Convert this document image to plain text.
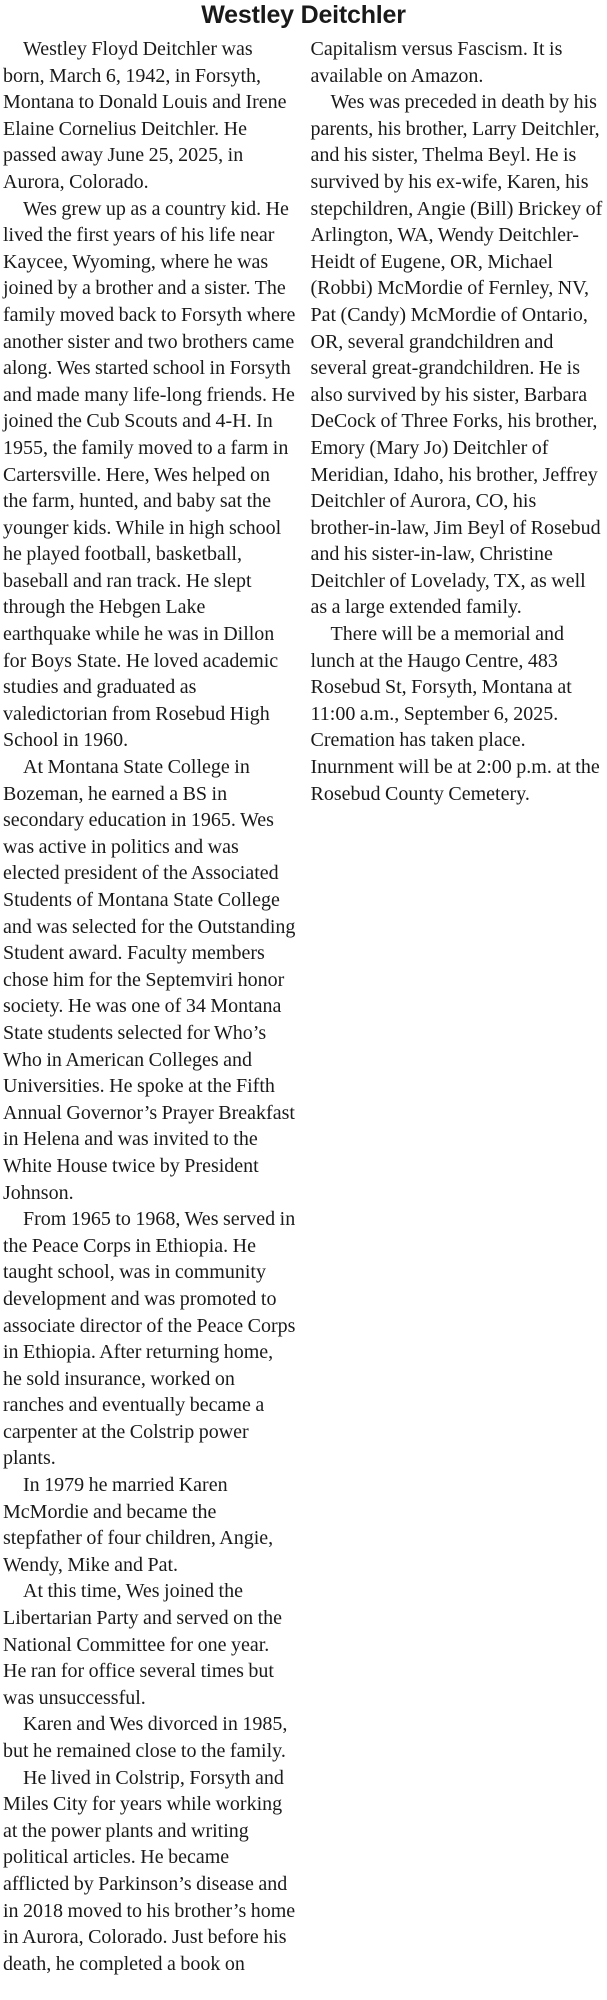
Westley Deitchler

Westley Floyd Deitchler was born, March 6, 1942, in Forsyth, Montana to Donald Louis and Irene Elaine Cornelius Deitchler. He passed away June 25, 2025, in Aurora, Colorado.

Wes grew up as a country kid. He lived the first years of his life near Kaycee, Wyoming, where he was joined by a brother and a sister. The family moved back to Forsyth where another sister and two brothers came along. Wes started school in Forsyth and made many life-long friends. He joined the Cub Scouts and 4-H. In 1955, the family moved to a farm in Cartersville. Here, Wes helped on the farm, hunted, and baby sat the younger kids. While in high school he played football, basketball, baseball and ran track. He slept through the Hebgen Lake earthquake while he was in Dillon for Boys State. He loved academic studies and graduated as valedictorian from Rosebud High School in 1960.

At Montana State College in Bozeman, he earned a BS in secondary education in 1965. Wes was active in politics and was elected president of the Associated Students of Montana State College and was selected for the Outstanding Student award. Faculty members chose him for the Septemviri honor society. He was one of 34 Montana State students selected for Who’s Who in American Colleges and Universities. He spoke at the Fifth Annual Governor’s Prayer Breakfast in Helena and was invited to the White House twice by President Johnson.

From 1965 to 1968, Wes served in the Peace Corps in Ethiopia. He taught school, was in community development and was promoted to associate director of the Peace Corps in Ethiopia. After returning home, he sold insurance, worked on ranches and eventually became a carpenter at the Colstrip power plants.

In 1979 he married Karen McMordie and became the stepfather of four children, Angie, Wendy, Mike and Pat.

At this time, Wes joined the Libertarian Party and served on the National Committee for one year. He ran for office several times but was unsuccessful.

Karen and Wes divorced in 1985, but he remained close to the family.

He lived in Colstrip, Forsyth and Miles City for years while working at the power plants and writing political articles. He became afflicted by Parkinson’s disease and in 2018 moved to his brother’s home in Aurora, Colorado. Just before his death, he completed a book on Capitalism versus Fascism. It is available on Amazon.

Wes was preceded in death by his parents, his brother, Larry Deitchler, and his sister, Thelma Beyl. He is survived by his ex-wife, Karen, his stepchildren, Angie (Bill) Brickey of Arlington, WA, Wendy Deitchler-Heidt of Eugene, OR, Michael (Robbi) McMordie of Fernley, NV, Pat (Candy) McMordie of Ontario, OR, several grandchildren and several great-grandchildren. He is also survived by his sister, Barbara DeCock of Three Forks, his brother, Emory (Mary Jo) Deitchler of Meridian, Idaho, his brother, Jeffrey Deitchler of Aurora, CO, his brother-in-law, Jim Beyl of Rosebud and his sister-in-law, Christine Deitchler of Lovelady, TX, as well as a large extended family.

There will be a memorial and lunch at the Haugo Centre, 483 Rosebud St, Forsyth, Montana at 11:00 a.m., September 6, 2025. Cremation has taken place. Inurnment will be at 2:00 p.m. at the Rosebud County Cemetery.
